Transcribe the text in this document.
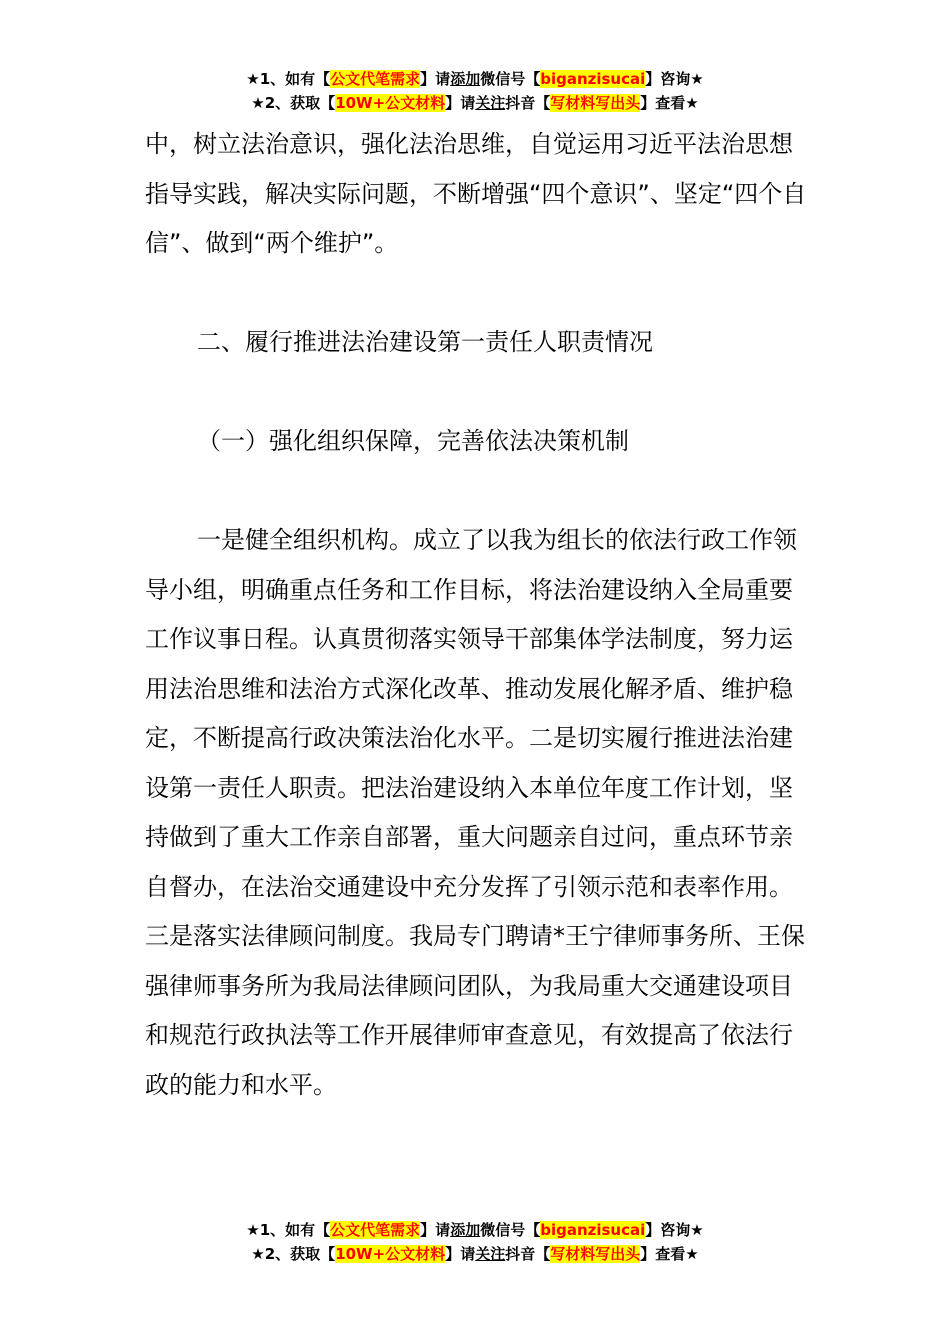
★1、如有【公文代笔需求】请添加微信号【biganzisucai】咨询★
★2、获取【10W+公文材料】请关注抖音【写材料写出头】查看★

中，树立法治意识，强化法治思维，自觉运用习近平法治思想指导实践，解决实际问题，不断增强“四个意识”、坚定“四个自信”、做到“两个维护”。

二、履行推进法治建设第一责任人职责情况

（一）强化组织保障，完善依法决策机制

一是健全组织机构。成立了以我为组长的依法行政工作领导小组，明确重点任务和工作目标，将法治建设纳入全局重要工作议事日程。认真贯彻落实领导干部集体学法制度，努力运用法治思维和法治方式深化改革、推动发展化解矛盾、维护稳定，不断提高行政决策法治化水平。二是切实履行推进法治建设第一责任人职责。把法治建设纳入本单位年度工作计划，坚持做到了重大工作亲自部署，重大问题亲自过问，重点环节亲自督办，在法治交通建设中充分发挥了引领示范和表率作用。三是落实法律顾问制度。我局专门聘请*王宁律师事务所、王保强律师事务所为我局法律顾问团队，为我局重大交通建设项目和规范行政执法等工作开展律师审查意见，有效提高了依法行政的能力和水平。

★1、如有【公文代笔需求】请添加微信号【biganzisucai】咨询★
★2、获取【10W+公文材料】请关注抖音【写材料写出头】查看★
